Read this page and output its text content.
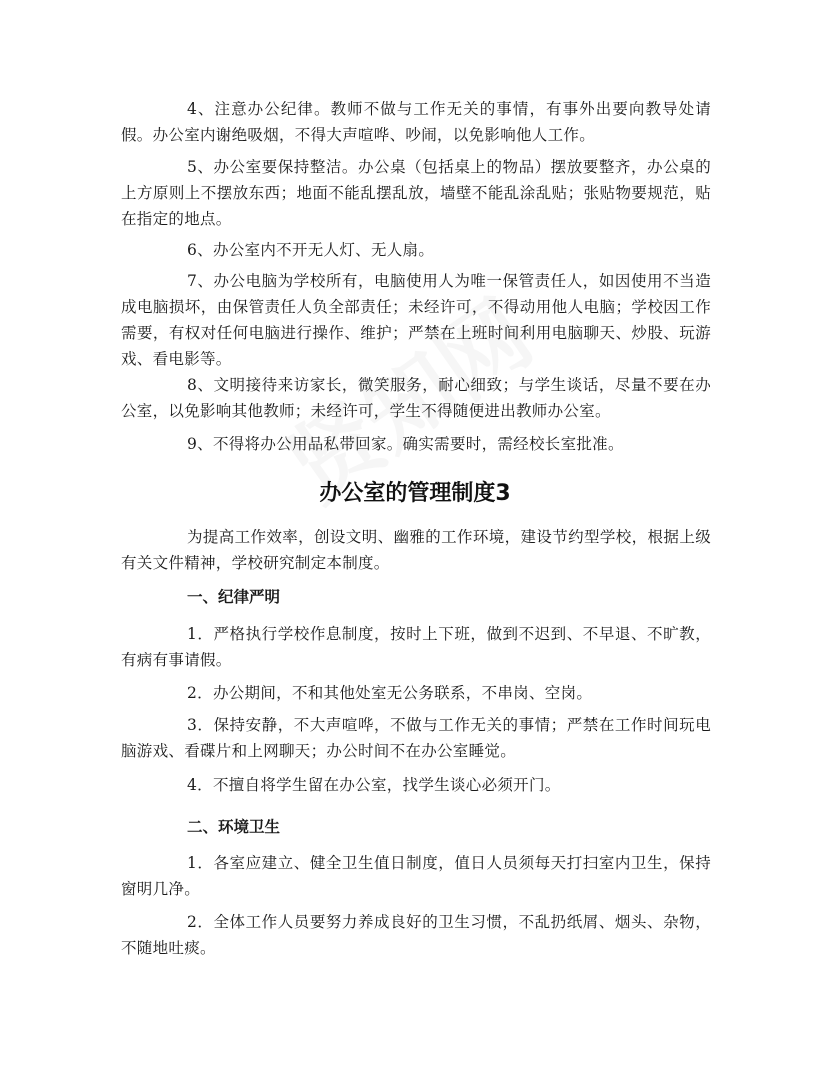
4、注意办公纪律。教师不做与工作无关的事情，有事外出要向教导处请假。办公室内谢绝吸烟，不得大声喧哗、吵闹，以免影响他人工作。

5、办公室要保持整洁。办公桌（包括桌上的物品）摆放要整齐，办公桌的上方原则上不摆放东西；地面不能乱摆乱放，墙壁不能乱涂乱贴；张贴物要规范，贴在指定的地点。

6、办公室内不开无人灯、无人扇。

7、办公电脑为学校所有，电脑使用人为唯一保管责任人，如因使用不当造成电脑损坏，由保管责任人负全部责任；未经许可，不得动用他人电脑；学校因工作需要，有权对任何电脑进行操作、维护；严禁在上班时间利用电脑聊天、炒股、玩游戏、看电影等。

8、文明接待来访家长，微笑服务，耐心细致；与学生谈话，尽量不要在办公室，以免影响其他教师；未经许可，学生不得随便进出教师办公室。

9、不得将办公用品私带回家。确实需要时，需经校长室批准。

办公室的管理制度3

为提高工作效率，创设文明、幽雅的工作环境，建设节约型学校，根据上级有关文件精神，学校研究制定本制度。

一、纪律严明

1．严格执行学校作息制度，按时上下班，做到不迟到、不早退、不旷教，有病有事请假。

2．办公期间，不和其他处室无公务联系，不串岗、空岗。

3．保持安静，不大声喧哗，不做与工作无关的事情；严禁在工作时间玩电脑游戏、看碟片和上网聊天；办公时间不在办公室睡觉。

4．不擅自将学生留在办公室，找学生谈心必须开门。

二、环境卫生

1．各室应建立、健全卫生值日制度，值日人员须每天打扫室内卫生，保持窗明几净。

2．全体工作人员要努力养成良好的卫生习惯，不乱扔纸屑、烟头、杂物，不随地吐痰。
